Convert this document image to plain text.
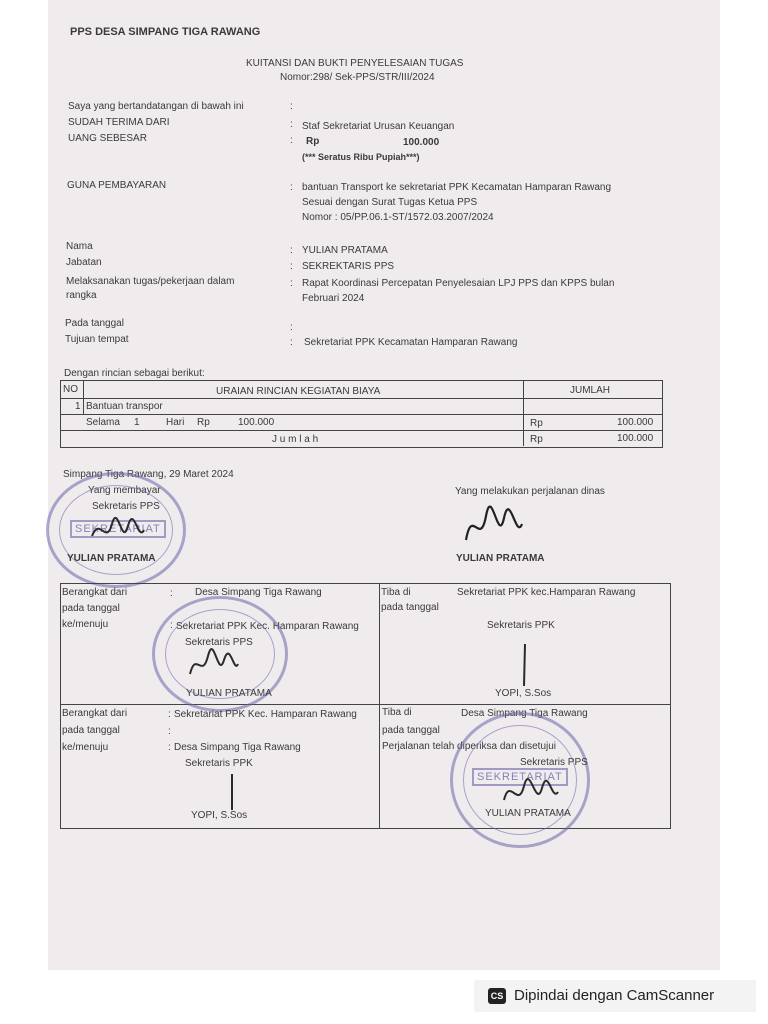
PPS DESA SIMPANG TIGA RAWANG
KUITANSI DAN BUKTI PENYELESAIAN TUGAS
Nomor:298/ Sek-PPS/STR/III/2024
Saya yang bertandatangan di bawah ini	:
SUDAH TERIMA DARI	: Staf Sekretariat Urusan Keuangan
UANG SEBESAR	: Rp	100.000
(*** Seratus Ribu Pupiah***)
GUNA PEMBAYARAN	: bantuan Transport ke sekretariat PPK Kecamatan Hamparan Rawang
Sesuai dengan Surat Tugas Ketua PPS
Nomor : 05/PP.06.1-ST/1572.03.2007/2024
Nama	: YULIAN PRATAMA
Jabatan	: SEKREKTARIS PPS
Melaksanakan tugas/pekerjaan dalam
rangka
: Rapat Koordinasi Percepatan Penyelesaian LPJ PPS dan KPPS bulan
Februari 2024
Pada tanggal	:
Tujuan tempat	: Sekretariat PPK Kecamatan Hamparan Rawang
Dengan rincian sebagai berikut:
NO	URAIAN RINCIAN KEGIATAN BIAYA	JUMLAH
1 Bantuan transpor
Selama 1	Hari Rp	100.000	Rp	100.000
J u m l a h	Rp	100.000
Simpang Tiga Rawang, 29 Maret 2024
Yang membayar
Sekretaris PPS
SEKRETARIAT
YULIAN PRATAMA
Yang melakukan perjalanan dinas
YULIAN PRATAMA
Berangkat dari	: Desa Simpang Tiga Rawang
pada tanggal
ke/menuju	: Sekretariat PPK Kec. Hamparan Rawang
Sekretaris PPS
YULIAN PRATAMA
Tiba di	Sekretariat PPK kec.Hamparan Rawang
pada tanggal
Sekretaris PPK
YOPI, S.Sos
Berangkat dari	: Sekretariat PPK Kec. Hamparan Rawang
pada tanggal	:
ke/menuju	: Desa Simpang Tiga Rawang
Sekretaris PPK
YOPI, S.Sos
Tiba di	Desa Simpang Tiga Rawang
pada tanggal
Perjalanan telah diperiksa dan disetujui
SEKRETARIAT
Sekretaris PPS
YULIAN PRATAMA
CS Dipindai dengan CamScanner
